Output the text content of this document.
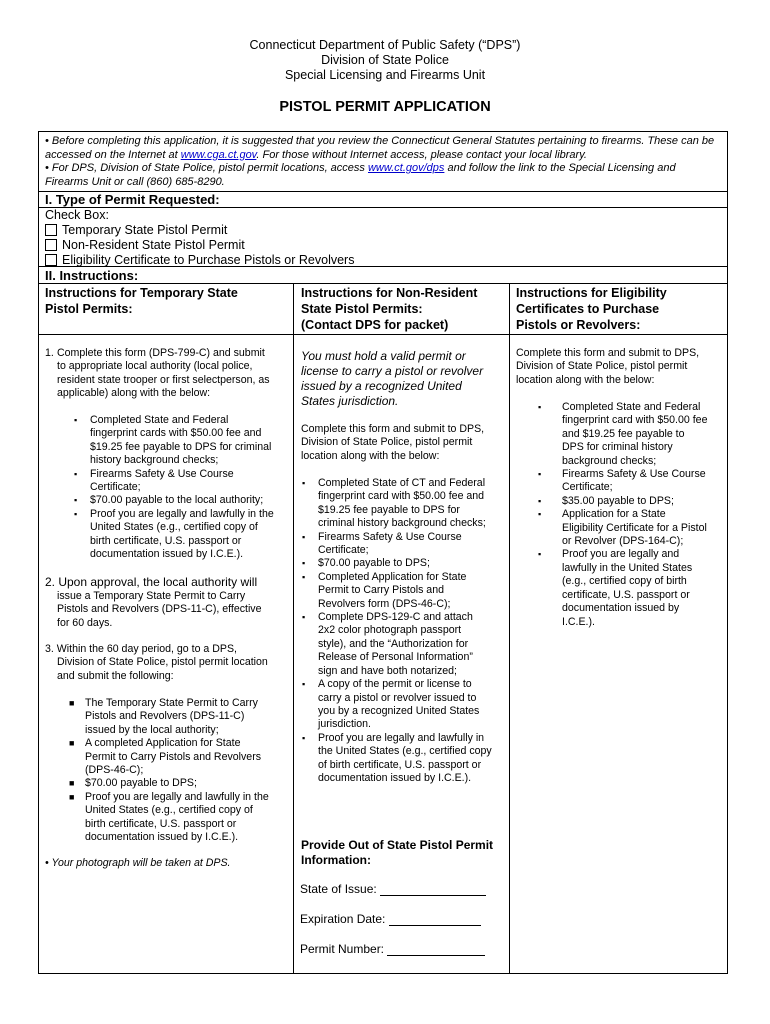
Connecticut Department of Public Safety (“DPS”)
Division of State Police
Special Licensing and Firearms Unit
PISTOL PERMIT APPLICATION
• Before completing this application, it is suggested that you review the Connecticut General Statutes pertaining to firearms. These can be accessed on the Internet at www.cga.ct.gov. For those without Internet access, please contact your local library.
• For DPS, Division of State Police, pistol permit locations, access www.ct.gov/dps and follow the link to the Special Licensing and Firearms Unit or call (860) 685-8290.
I. Type of Permit Requested:
Check Box:
Temporary State Pistol Permit
Non-Resident State Pistol Permit
Eligibility Certificate to Purchase Pistols or Revolvers
II. Instructions:
Instructions for Temporary State
Pistol Permits:
Instructions for Non-Resident
State Pistol Permits:
(Contact DPS for packet)
Instructions for Eligibility
Certificates to Purchase
Pistols or Revolvers:
1. Complete this form (DPS-799-C) and submit
to appropriate local authority (local police,
resident state trooper or first selectperson, as
applicable) along with the below:
▪ Completed State and Federal
fingerprint cards with $50.00 fee and
$19.25 fee payable to DPS for criminal
history background checks;
▪ Firearms Safety & Use Course
Certificate;
▪ $70.00 payable to the local authority;
▪ Proof you are legally and lawfully in the
United States (e.g., certified copy of
birth certificate, U.S. passport or
documentation issued by I.C.E.).
2. Upon approval, the local authority will
issue a Temporary State Permit to Carry
Pistols and Revolvers (DPS-11-C), effective
for 60 days.
3. Within the 60 day period, go to a DPS,
Division of State Police, pistol permit location
and submit the following:
■ The Temporary State Permit to Carry
Pistols and Revolvers (DPS-11-C)
issued by the local authority;
■ A completed Application for State
Permit to Carry Pistols and Revolvers
(DPS-46-C);
■ $70.00 payable to DPS;
■ Proof you are legally and lawfully in the
United States (e.g., certified copy of
birth certificate, U.S. passport or
documentation issued by I.C.E.).
• Your photograph will be taken at DPS.
You must hold a valid permit or
license to carry a pistol or revolver
issued by a recognized United
States jurisdiction.
Complete this form and submit to DPS,
Division of State Police, pistol permit
location along with the below:
▪ Completed State of CT and Federal
fingerprint card with $50.00 fee and
$19.25 fee payable to DPS for
criminal history background checks;
▪ Firearms Safety & Use Course
Certificate;
▪ $70.00 payable to DPS;
▪ Completed Application for State
Permit to Carry Pistols and
Revolvers form (DPS-46-C);
▪ Complete DPS-129-C and attach
2x2 color photograph passport
style), and the “Authorization for
Release of Personal Information”
sign and have both notarized;
▪ A copy of the permit or license to
carry a pistol or revolver issued to
you by a recognized United States
jurisdiction.
▪ Proof you are legally and lawfully in
the United States (e.g., certified copy
of birth certificate, U.S. passport or
documentation issued by I.C.E.).
Provide Out of State Pistol Permit
Information:
State of Issue:
Expiration Date:
Permit Number:
Complete this form and submit to DPS,
Division of State Police, pistol permit
location along with the below:
▪ Completed State and Federal
fingerprint card with $50.00 fee
and $19.25 fee payable to
DPS for criminal history
background checks;
▪ Firearms Safety & Use Course
Certificate;
▪ $35.00 payable to DPS;
▪ Application for a State
Eligibility Certificate for a Pistol
or Revolver (DPS-164-C);
▪ Proof you are legally and
lawfully in the United States
(e.g., certified copy of birth
certificate, U.S. passport or
documentation issued by
I.C.E.).
